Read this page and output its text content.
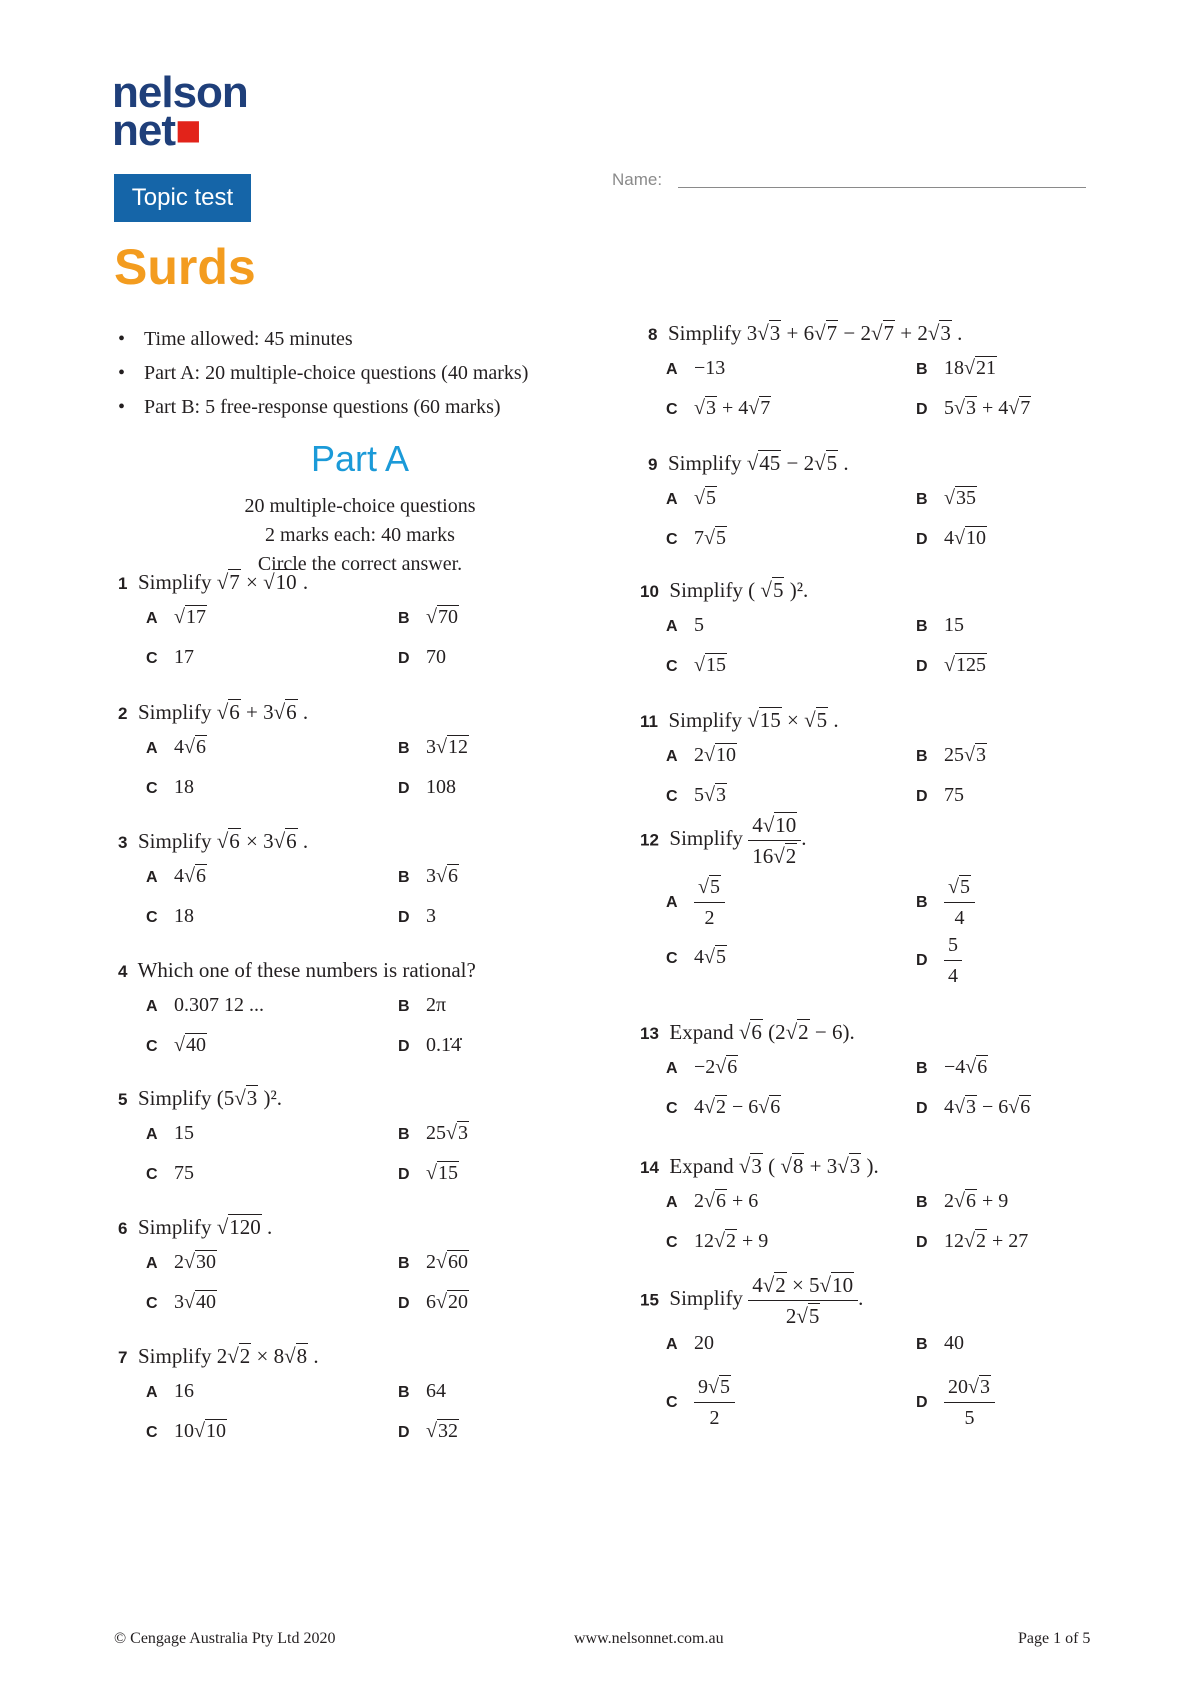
nelson
net■
Topic test
Name:
Surds
• Time allowed: 45 minutes
• Part A: 20 multiple-choice questions (40 marks)
• Part B: 5 free-response questions (60 marks)
Part A
20 multiple-choice questions
2 marks each: 40 marks
Circle the correct answer.
1 Simplify √7 × √10 .
A √17	B √70
C 17	D 70
2 Simplify √6 + 3√6 .
A 4√6	B 3√12
C 18	D 108
3 Simplify √6 × 3√6 .
A 4√6	B 3√6
C 18	D 3
4 Which one of these numbers is rational?
A 0.307 12 ...	B 2π
C √40	D 0.1̇4̇
5 Simplify (5√3 )².
A 15	B 25√3
C 75	D √15
6 Simplify √120 .
A 2√30	B 2√60
C 3√40	D 6√20
7 Simplify 2√2 × 8√8 .
A 16	B 64
C 10√10	D √32
8 Simplify 3√3 + 6√7 − 2√7 + 2√3 .
A −13	B 18√21
C √3 + 4√7	D 5√3 + 4√7
9 Simplify √45 − 2√5 .
A √5	B √35
C 7√5	D 4√10
10 Simplify ( √5 )².
A 5	B 15
C √15	D √125
11 Simplify √15 × √5 .
A 2√10	B 25√3
C 5√3	D 75
12 Simplify $\frac{4√10}{16√2}$ .
A $\frac{√5}{2}$	B $\frac{√5}{4}$
C 4√5	D $\frac{5}{4}$
13 Expand √6 (2√2 − 6).
A −2√6	B −4√6
C 4√2 − 6√6	D 4√3 − 6√6
14 Expand √3 ( √8 + 3√3 ).
A 2√6 + 6	B 2√6 + 9
C 12√2 + 9	D 12√2 + 27
15 Simplify $\frac{4√2 \times 5√10}{2√5}$ .
A 20	B 40
C $\frac{9√5}{2}$	D $\frac{20√3}{5}$
© Cengage Australia Pty Ltd 2020	www.nelsonnet.com.au	Page 1 of 5
